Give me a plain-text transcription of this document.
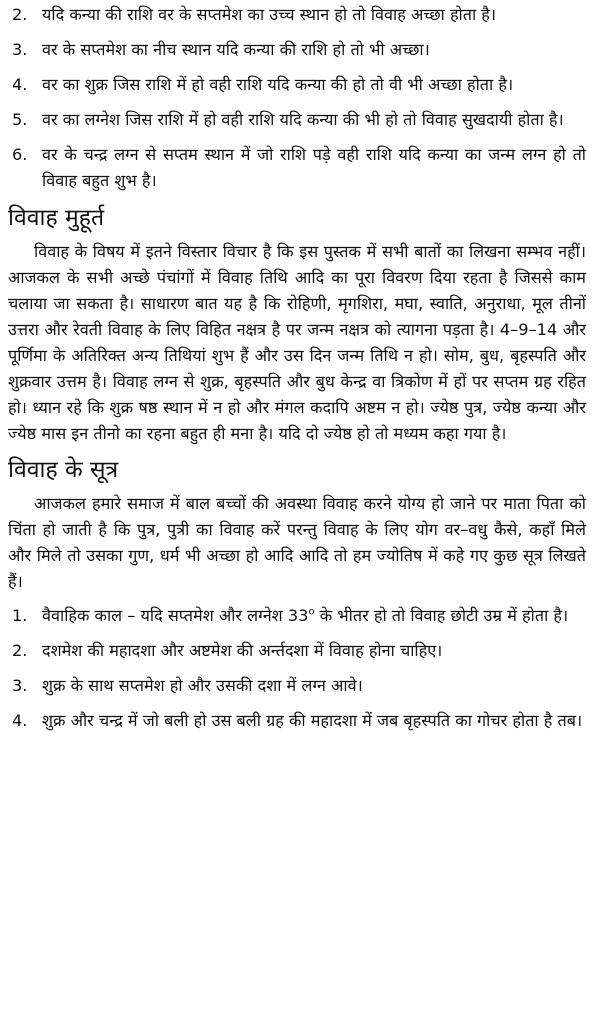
2. यदि कन्या की राशि वर के सप्तमेश का उच्च स्थान हो तो विवाह अच्छा होता है।
3. वर के सप्तमेश का नीच स्थान यदि कन्या की राशि हो तो भी अच्छा।
4. वर का शुक्र जिस राशि में हो वही राशि यदि कन्या की हो तो वी भी अच्छा होता है।
5. वर का लग्नेश जिस राशि में हो वही राशि यदि कन्या की भी हो तो विवाह सुखदायी होता है।
6. वर के चन्द्र लग्न से सप्तम स्थान में जो राशि पड़े वही राशि यदि कन्या का जन्म लग्न हो तो विवाह बहुत शुभ है।
विवाह मुहूर्त

विवाह के विषय में इतने विस्तार विचार है कि इस पुस्तक में सभी बातों का लिखना सम्भव नहीं। आजकल के सभी अच्छे पंचांगों में विवाह तिथि आदि का पूरा विवरण दिया रहता है जिससे काम चलाया जा सकता है। साधारण बात यह है कि रोहिणी, मृगशिरा, मघा, स्वाति, अनुराधा, मूल तीनों उत्तरा और रेवती विवाह के लिए विहित नक्षत्र है पर जन्म नक्षत्र को त्यागना पड़ता है। 4–9–14 और पूर्णिमा के अतिरिक्त अन्य तिथियां शुभ हैं और उस दिन जन्म तिथि न हो। सोम, बुध, बृहस्पति और शुक्रवार उत्तम है। विवाह लग्न से शुक्र, बृहस्पति और बुध केन्द्र वा त्रिकोण में हों पर सप्तम ग्रह रहित हो। ध्यान रहे कि शुक्र षष्ठ स्थान में न हो और मंगल कदापि अष्टम न हो। ज्येष्ठ पुत्र, ज्येष्ठ कन्या और ज्येष्ठ मास इन तीनो का रहना बहुत ही मना है। यदि दो ज्येष्ठ हो तो मध्यम कहा गया है।

विवाह के सूत्र

आजकल हमारे समाज में बाल बच्चों की अवस्था विवाह करने योग्य हो जाने पर माता पिता को चिंता हो जाती है कि पुत्र, पुत्री का विवाह करें परन्तु विवाह के लिए योग वर–वधु कैसे, कहाँ मिले और मिले तो उसका गुण, धर्म भी अच्छा हो आदि आदि तो हम ज्योतिष में कहे गए कुछ सूत्र लिखते हैं।

1. वैवाहिक काल – यदि सप्तमेश और लग्नेश 33$^o$ के भीतर हो तो विवाह छोटी उम्र में होता है।
2. दशमेश की महादशा और अष्टमेश की अर्न्तदशा में विवाह होना चाहिए।
3. शुक्र के साथ सप्तमेश हो और उसकी दशा में लग्न आवे।
4. शुक्र और चन्द्र में जो बली हो उस बली ग्रह की महादशा में जब बृहस्पति का गोचर होता है तब।
